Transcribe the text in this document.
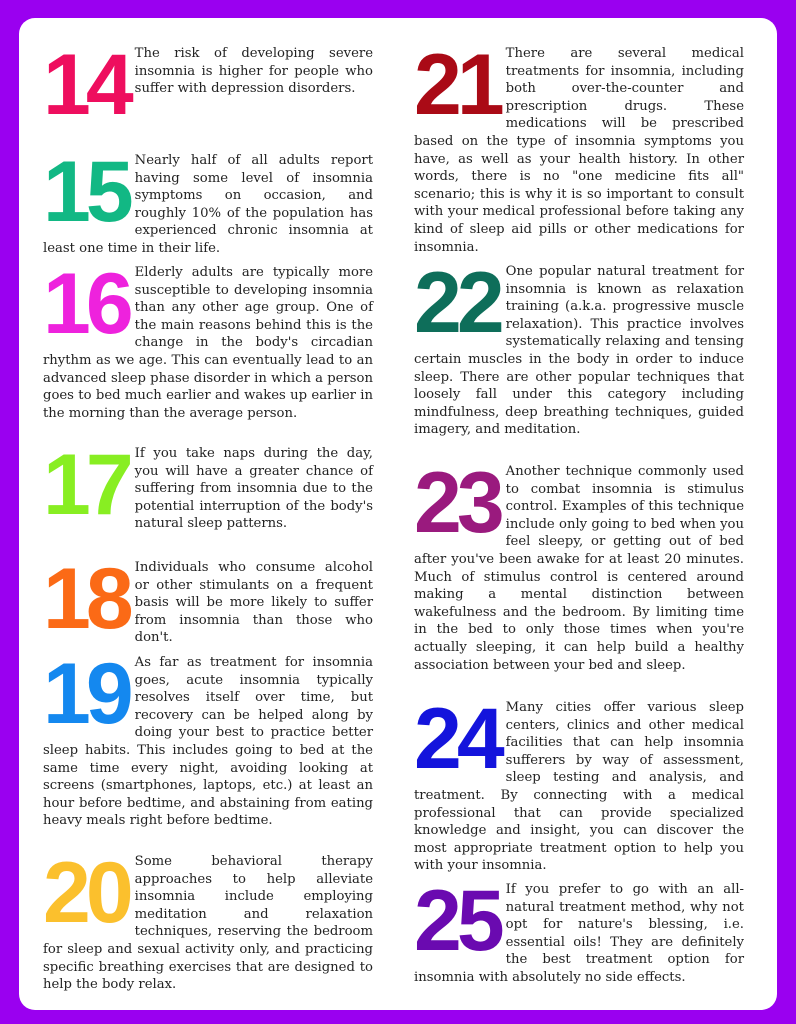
14 The risk of developing severe insomnia is higher for people who suffer with depression disorders.
15 Nearly half of all adults report having some level of insomnia symptoms on occasion, and roughly 10% of the population has experienced chronic insomnia at least one time in their life.
16 Elderly adults are typically more susceptible to developing insomnia than any other age group. One of the main reasons behind this is the change in the body's circadian rhythm as we age. This can eventually lead to an advanced sleep phase disorder in which a person goes to bed much earlier and wakes up earlier in the morning than the average person.
17 If you take naps during the day, you will have a greater chance of suffering from insomnia due to the potential interruption of the body's natural sleep patterns.
18 Individuals who consume alcohol or other stimulants on a frequent basis will be more likely to suffer from insomnia than those who don't.
19 As far as treatment for insomnia goes, acute insomnia typically resolves itself over time, but recovery can be helped along by doing your best to practice better sleep habits. This includes going to bed at the same time every night, avoiding looking at screens (smartphones, laptops, etc.) at least an hour before bedtime, and abstaining from eating heavy meals right before bedtime.
20 Some behavioral therapy approaches to help alleviate insomnia include employing meditation and relaxation techniques, reserving the bedroom for sleep and sexual activity only, and practicing specific breathing exercises that are designed to help the body relax.
21 There are several medical treatments for insomnia, including both over-the-counter and prescription drugs. These medications will be prescribed based on the type of insomnia symptoms you have, as well as your health history. In other words, there is no "one medicine fits all" scenario; this is why it is so important to consult with your medical professional before taking any kind of sleep aid pills or other medications for insomnia.
22 One popular natural treatment for insomnia is known as relaxation training (a.k.a. progressive muscle relaxation). This practice involves systematically relaxing and tensing certain muscles in the body in order to induce sleep. There are other popular techniques that loosely fall under this category including mindfulness, deep breathing techniques, guided imagery, and meditation.
23 Another technique commonly used to combat insomnia is stimulus control. Examples of this technique include only going to bed when you feel sleepy, or getting out of bed after you've been awake for at least 20 minutes. Much of stimulus control is centered around making a mental distinction between wakefulness and the bedroom. By limiting time in the bed to only those times when you're actually sleeping, it can help build a healthy association between your bed and sleep.
24 Many cities offer various sleep centers, clinics and other medical facilities that can help insomnia sufferers by way of assessment, sleep testing and analysis, and treatment. By connecting with a medical professional that can provide specialized knowledge and insight, you can discover the most appropriate treatment option to help you with your insomnia.
25 If you prefer to go with an all-natural treatment method, why not opt for nature's blessing, i.e. essential oils! They are definitely the best treatment option for insomnia with absolutely no side effects.
